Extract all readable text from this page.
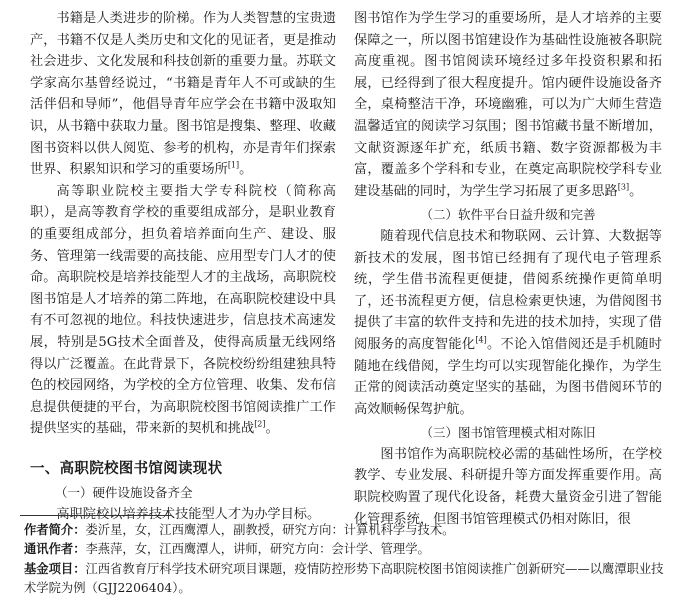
书籍是人类进步的阶梯。作为人类智慧的宝贵遗产，书籍不仅是人类历史和文化的见证者，更是推动社会进步、文化发展和科技创新的重要力量。苏联文学家高尔基曾经说过，“书籍是青年人不可或缺的生活伴侣和导师”，他倡导青年应学会在书籍中汲取知识，从书籍中获取力量。图书馆是搜集、整理、收藏图书资料以供人阅览、参考的机构，亦是青年们探索世界、积累知识和学习的重要场所[1]。

高等职业院校主要指大学专科院校（简称高职），是高等教育学校的重要组成部分，是职业教育的重要组成部分，担负着培养面向生产、建设、服务、管理第一线需要的高技能、应用型专门人才的使命。高职院校是培养技能型人才的主战场，高职院校图书馆是人才培养的第二阵地，在高职院校建设中具有不可忽视的地位。科技快速进步，信息技术高速发展，特别是5G技术全面普及，使得高质量无线网络得以广泛覆盖。在此背景下，各院校纷纷组建独具特色的校园网络，为学校的全方位管理、收集、发布信息提供便捷的平台，为高职院校图书馆阅读推广工作提供坚实的基础，带来新的契机和挑战[2]。

一、高职院校图书馆阅读现状
（一）硬件设施设备齐全

高职院校以培养技术技能型人才为办学目标。

图书馆作为学生学习的重要场所，是人才培养的主要保障之一，所以图书馆建设作为基础性设施被各职院高度重视。图书馆阅读环境经过多年投资积累和拓展，已经得到了很大程度提升。馆内硬件设施设备齐全，桌椅整洁干净，环境幽雅，可以为广大师生营造温馨适宜的阅读学习氛围；图书馆藏书量不断增加，文献资源逐年扩充，纸质书籍、数字资源都极为丰富，覆盖多个学科和专业，在奠定高职院校学科专业建设基础的同时，为学生学习拓展了更多思路[3]。

（二）软件平台日益升级和完善

随着现代信息技术和物联网、云计算、大数据等新技术的发展，图书馆已经拥有了现代电子管理系统，学生借书流程更便捷，借阅系统操作更简单明了，还书流程更方便，信息检索更快速，为借阅图书提供了丰富的软件支持和先进的技术加持，实现了借阅服务的高度智能化[4]。不论入馆借阅还是手机随时随地在线借阅，学生均可以实现智能化操作，为学生正常的阅读活动奠定坚实的基础，为图书借阅环节的高效顺畅保驾护航。

（三）图书馆管理模式相对陈旧

图书馆作为高职院校必需的基础性场所，在学校教学、专业发展、科研提升等方面发挥重要作用。高职院校购置了现代化设备，耗费大量资金引进了智能化管理系统，但图书馆管理模式仍相对陈旧，很

作者简介：娄沂星，女，江西鹰潭人，副教授，研究方向：计算机科学与技术。
通讯作者：李燕萍，女，江西鹰潭人，讲师，研究方向：会计学、管理学。
基金项目：江西省教育厅科学技术研究项目课题，疫情防控形势下高职院校图书馆阅读推广创新研究——以鹰潭职业技术学院为例（GJJ2206404）。
